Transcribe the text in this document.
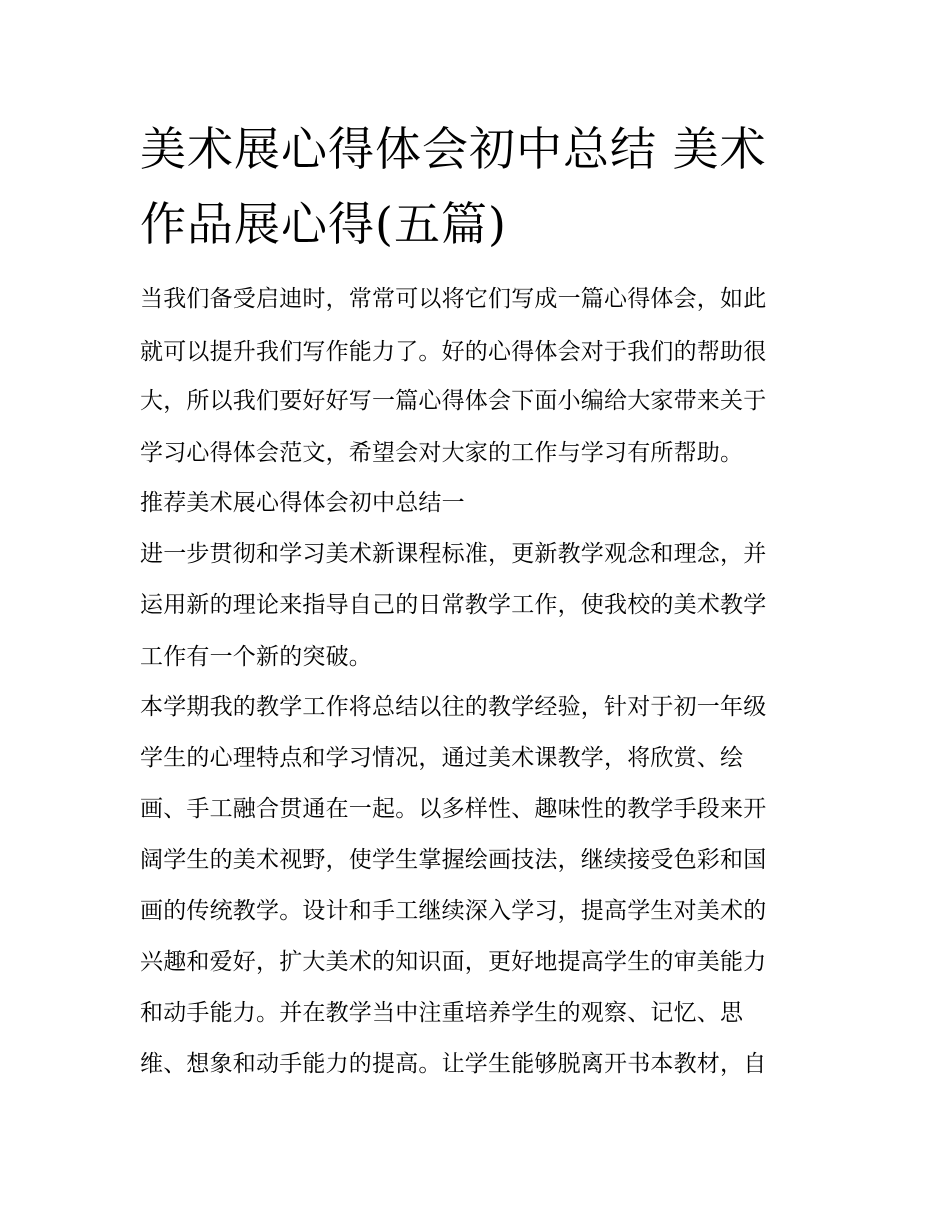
美术展心得体会初中总结 美术
作品展心得(五篇)

当我们备受启迪时，常常可以将它们写成一篇心得体会，如此

就可以提升我们写作能力了。好的心得体会对于我们的帮助很

大，所以我们要好好写一篇心得体会下面小编给大家带来关于

学习心得体会范文，希望会对大家的工作与学习有所帮助。

推荐美术展心得体会初中总结一

进一步贯彻和学习美术新课程标准，更新教学观念和理念，并

运用新的理论来指导自己的日常教学工作，使我校的美术教学

工作有一个新的突破。

本学期我的教学工作将总结以往的教学经验，针对于初一年级

学生的心理特点和学习情况，通过美术课教学，将欣赏、绘

画、手工融合贯通在一起。以多样性、趣味性的教学手段来开

阔学生的美术视野，使学生掌握绘画技法，继续接受色彩和国

画的传统教学。设计和手工继续深入学习，提高学生对美术的

兴趣和爱好，扩大美术的知识面，更好地提高学生的审美能力

和动手能力。并在教学当中注重培养学生的观察、记忆、思

维、想象和动手能力的提高。让学生能够脱离开书本教材，自
